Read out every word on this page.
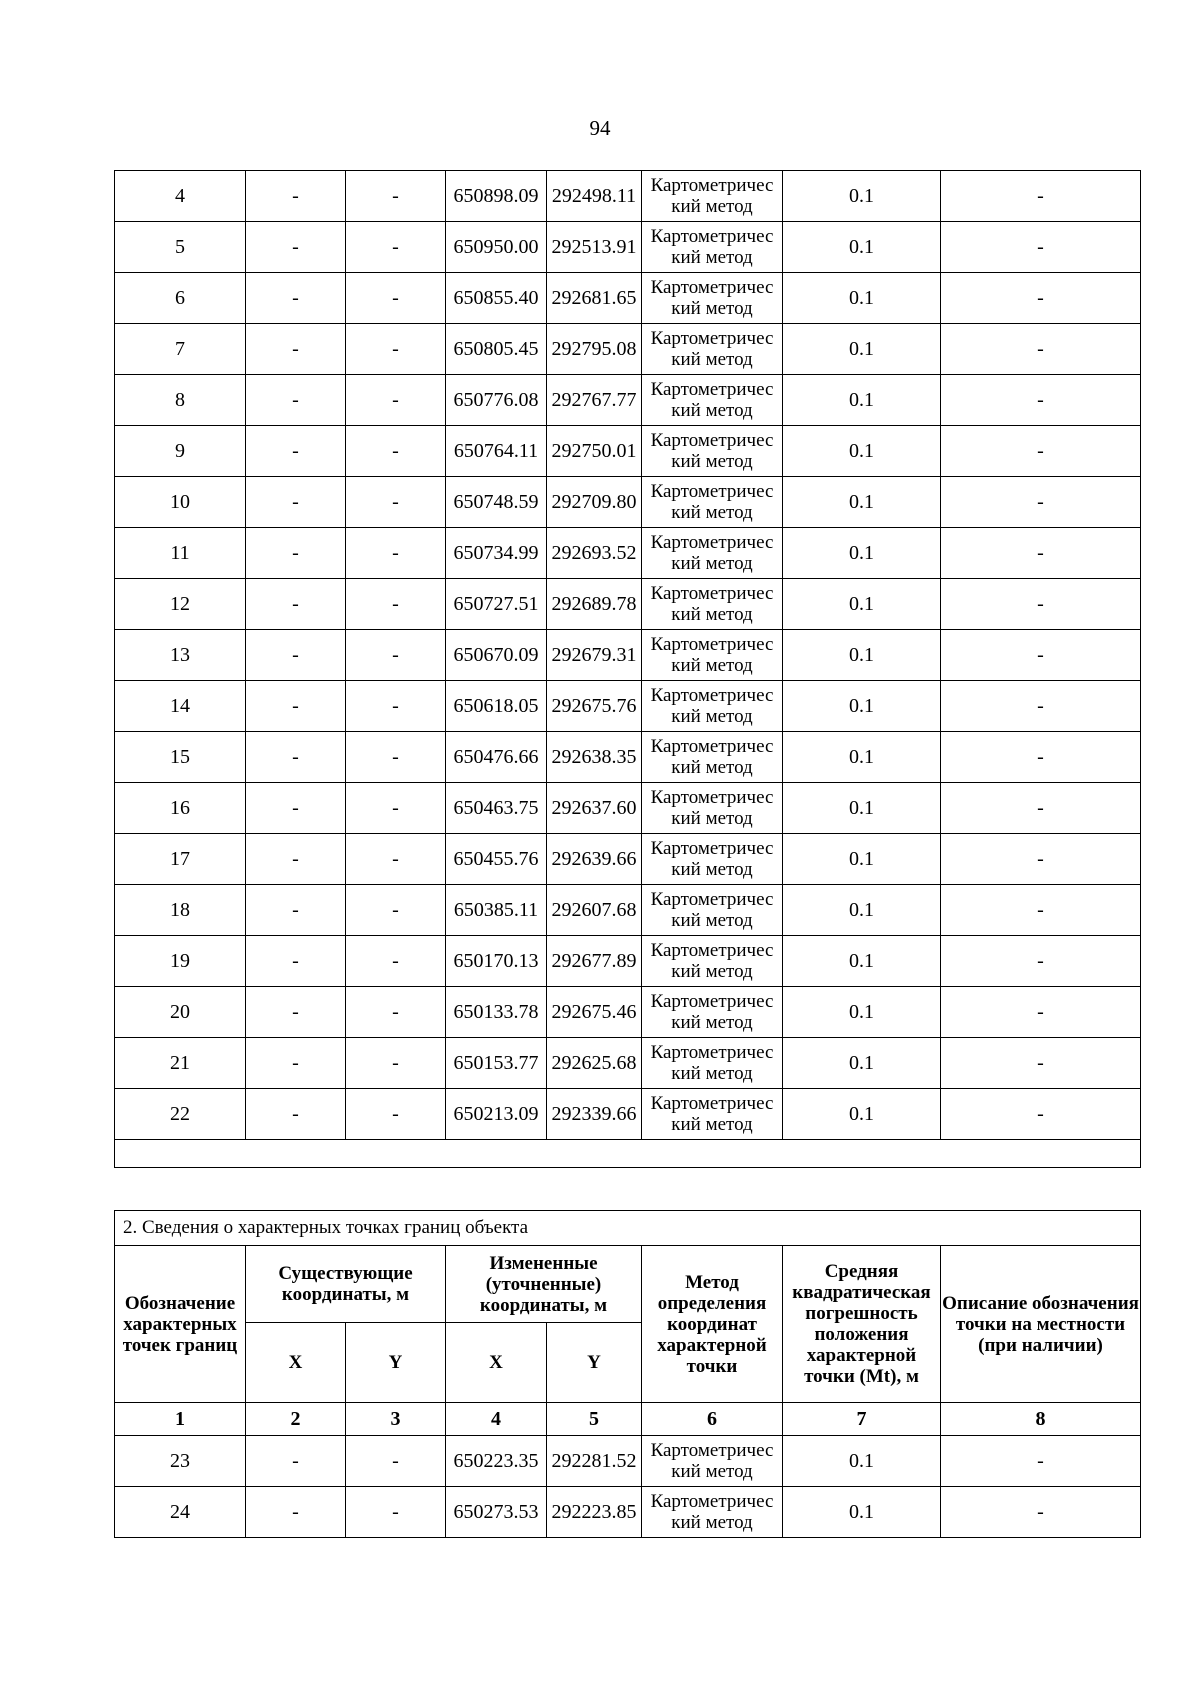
94
4	-	-	650898.09	292498.11	Картометричес кий метод	0.1	-
5	-	-	650950.00	292513.91	Картометричес кий метод	0.1	-
6	-	-	650855.40	292681.65	Картометричес кий метод	0.1	-
7	-	-	650805.45	292795.08	Картометричес кий метод	0.1	-
8	-	-	650776.08	292767.77	Картометричес кий метод	0.1	-
9	-	-	650764.11	292750.01	Картометричес кий метод	0.1	-
10	-	-	650748.59	292709.80	Картометричес кий метод	0.1	-
11	-	-	650734.99	292693.52	Картометричес кий метод	0.1	-
12	-	-	650727.51	292689.78	Картометричес кий метод	0.1	-
13	-	-	650670.09	292679.31	Картометричес кий метод	0.1	-
14	-	-	650618.05	292675.76	Картометричес кий метод	0.1	-
15	-	-	650476.66	292638.35	Картометричес кий метод	0.1	-
16	-	-	650463.75	292637.60	Картометричес кий метод	0.1	-
17	-	-	650455.76	292639.66	Картометричес кий метод	0.1	-
18	-	-	650385.11	292607.68	Картометричес кий метод	0.1	-
19	-	-	650170.13	292677.89	Картометричес кий метод	0.1	-
20	-	-	650133.78	292675.46	Картометричес кий метод	0.1	-
21	-	-	650153.77	292625.68	Картометричес кий метод	0.1	-
22	-	-	650213.09	292339.66	Картометричес кий метод	0.1	-

2. Сведения о характерных точках границ объекта							
Обозначение характерных точек границ	Существующие координаты, м		Измененные (уточненные) координаты, м		Метод определения координат характерной точки	Средняя квадратическая погрешность положения характерной точки (Mt), м	Описание обозначения точки на местности (при наличии)
	X	Y	X	Y			
1	2	3	4	5	6	7	8
23	-	-	650223.35	292281.52	Картометричес кий метод	0.1	-
24	-	-	650273.53	292223.85	Картометричес кий метод	0.1	-
